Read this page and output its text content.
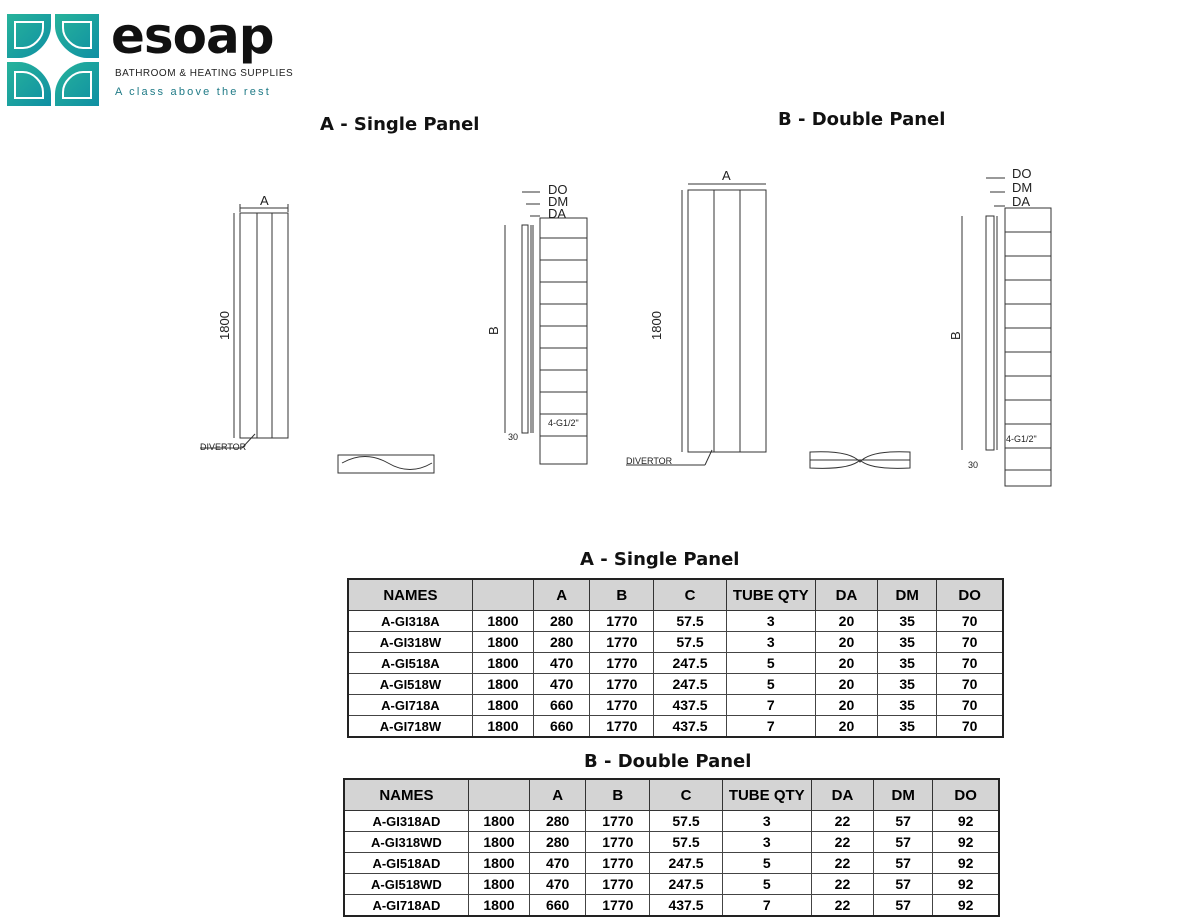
esoap
BATHROOM & HEATING SUPPLIES
A class above the rest
A - Single Panel	B - Double Panel
A
1800
DIVERTOR
DO
DM
DA
B
4-G1/2"
30
A
1800
DIVERTOR
DO
DM
DA
B
4-G1/2"
30
A - Single Panel
NAMES		A	B	C	TUBE QTY	DA	DM	DO
A-GI318A	1800	280	1770	57.5	3	20	35	70
A-GI318W	1800	280	1770	57.5	3	20	35	70
A-GI518A	1800	470	1770	247.5	5	20	35	70
A-GI518W	1800	470	1770	247.5	5	20	35	70
A-GI718A	1800	660	1770	437.5	7	20	35	70
A-GI718W	1800	660	1770	437.5	7	20	35	70
B - Double Panel
NAMES		A	B	C	TUBE QTY	DA	DM	DO
A-GI318AD	1800	280	1770	57.5	3	22	57	92
A-GI318WD	1800	280	1770	57.5	3	22	57	92
A-GI518AD	1800	470	1770	247.5	5	22	57	92
A-GI518WD	1800	470	1770	247.5	5	22	57	92
A-GI718AD	1800	660	1770	437.5	7	22	57	92
